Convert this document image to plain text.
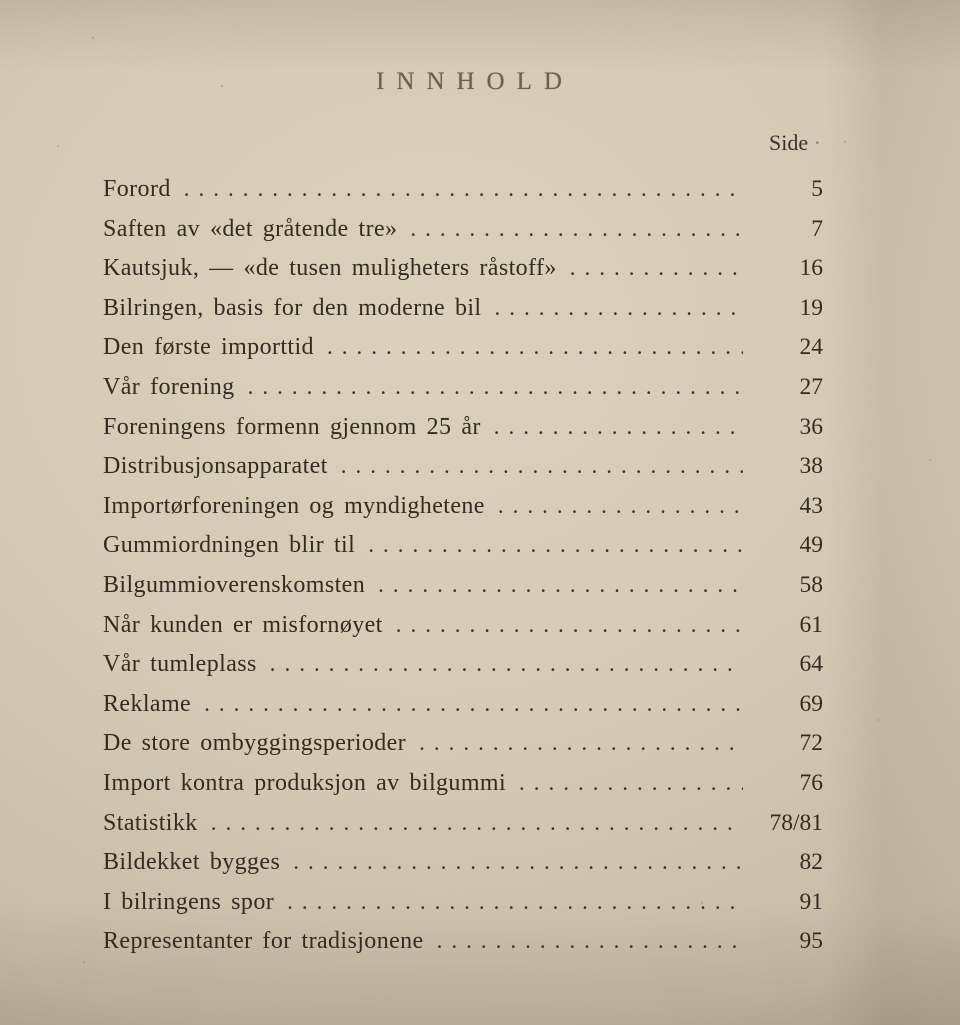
INNHOLD
Side ·
Forord .....	5
Saften av «det gråtende tre» .....	7
Kautsjuk, — «de tusen muligheters råstoff» .....	16
Bilringen, basis for den moderne bil .....	19
Den første importtid .....	24
Vår forening .....	27
Foreningens formenn gjennom 25 år .....	36
Distribusjonsapparatet .....	38
Importørforeningen og myndighetene .....	43
Gummiordningen blir til .....	49
Bilgummioverenskomsten .....	58
Når kunden er misfornøyet .....	61
Vår tumleplass .....	64
Reklame .....	69
De store ombyggingsperioder .....	72
Import kontra produksjon av bilgummi .....	76
Statistikk .....	78/81
Bildekket bygges .....	82
I bilringens spor .....	91
Representanter for tradisjonene .....	95
